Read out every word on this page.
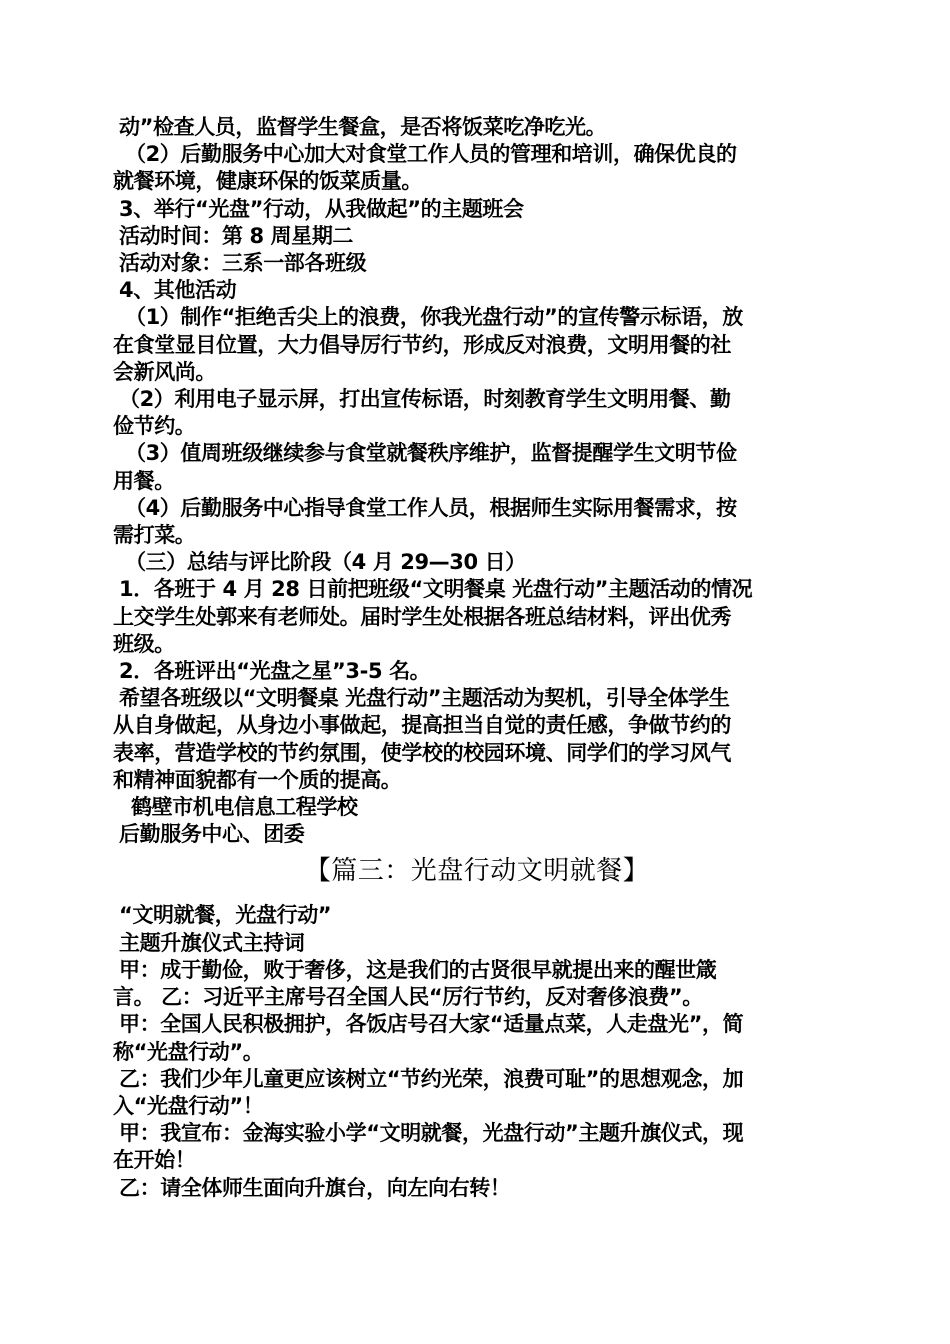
动”检查人员，监督学生餐盒，是否将饭菜吃净吃光。
（2）后勤服务中心加大对食堂工作人员的管理和培训，确保优良的
就餐环境，健康环保的饭菜质量。
3、举行“光盘”行动，从我做起”的主题班会
活动时间：第 8 周星期二
活动对象：三系一部各班级
4、其他活动
（1）制作“拒绝舌尖上的浪费，你我光盘行动”的宣传警示标语，放
在食堂显目位置，大力倡导厉行节约，形成反对浪费，文明用餐的社
会新风尚。
（2）利用电子显示屏，打出宣传标语，时刻教育学生文明用餐、勤
俭节约。
（3）值周班级继续参与食堂就餐秩序维护，监督提醒学生文明节俭
用餐。
（4）后勤服务中心指导食堂工作人员，根据师生实际用餐需求，按
需打菜。
（三）总结与评比阶段（4 月 29—30 日）
1．各班于 4 月 28 日前把班级“文明餐桌 光盘行动”主题活动的情况
上交学生处郭来有老师处。届时学生处根据各班总结材料，评出优秀
班级。
2．各班评出“光盘之星”3-5 名。
希望各班级以“文明餐桌 光盘行动”主题活动为契机，引导全体学生
从自身做起，从身边小事做起，提高担当自觉的责任感，争做节约的
表率，营造学校的节约氛围，使学校的校园环境、同学们的学习风气
和精神面貌都有一个质的提高。
鹤壁市机电信息工程学校
后勤服务中心、团委
【篇三：光盘行动文明就餐】
“文明就餐，光盘行动”
主题升旗仪式主持词
甲：成于勤俭，败于奢侈，这是我们的古贤很早就提出来的醒世箴
言。 乙：习近平主席号召全国人民“厉行节约，反对奢侈浪费”。
甲：全国人民积极拥护，各饭店号召大家“适量点菜，人走盘光”，简
称“光盘行动”。
乙：我们少年儿童更应该树立“节约光荣，浪费可耻”的思想观念，加
入“光盘行动”！
甲：我宣布：金海实验小学“文明就餐，光盘行动”主题升旗仪式，现
在开始！
乙：请全体师生面向升旗台，向左向右转！
